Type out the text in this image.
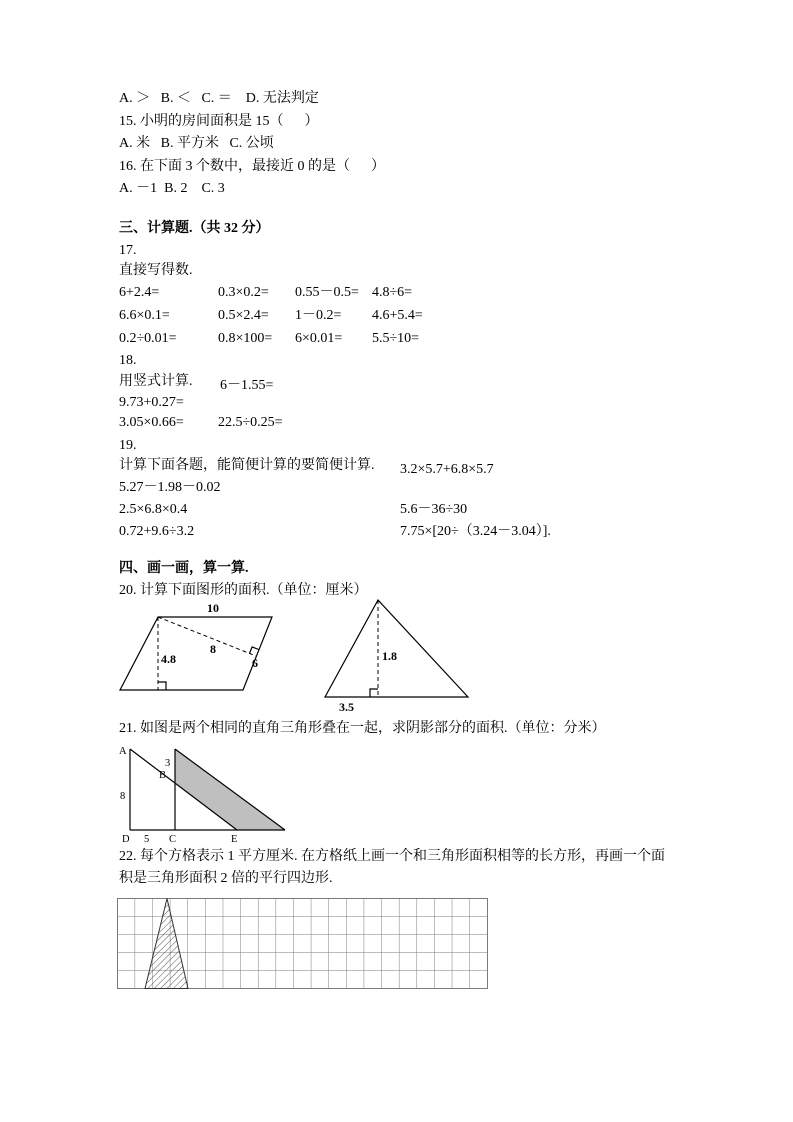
A. ＞   B. ＜   C. ＝    D. 无法判定
15. 小明的房间面积是 15（      ）
A. 米   B. 平方米   C. 公顷
16. 在下面 3 个数中，最接近 0 的是（      ）
A. －1  B. 2    C. 3
三、计算题.（共 32 分）
17.
直接写得数.
6+2.4=	0.3×0.2= 0.55－0.5= 4.8÷6=
6.6×0.1=	0.5×2.4= 1－0.2= 4.6+5.4=
0.2÷0.01=	0.8×100= 6×0.01= 5.5÷10=
18.
用竖式计算. 6－1.55=
9.73+0.27=
3.05×0.66= 22.5÷0.25=
19.
计算下面各题，能简便计算的要简便计算. 3.2×5.7+6.8×5.7
5.27－1.98－0.02
2.5×6.8×0.4	5.6－36÷30
0.72+9.6÷3.2	7.75×[20÷（3.24－3.04）].
四、画一画，算一算.
20. 计算下面图形的面积.（单位：厘米）
10
4.8
8
6	1.8
3.5
21. 如图是两个相同的直角三角形叠在一起，求阴影部分的面积.（单位：分米）
A
3
B
8
D 5 C	E
22. 每个方格表示 1 平方厘米. 在方格纸上画一个和三角形面积相等的长方形，再画一个面
积是三角形面积 2 倍的平行四边形.
